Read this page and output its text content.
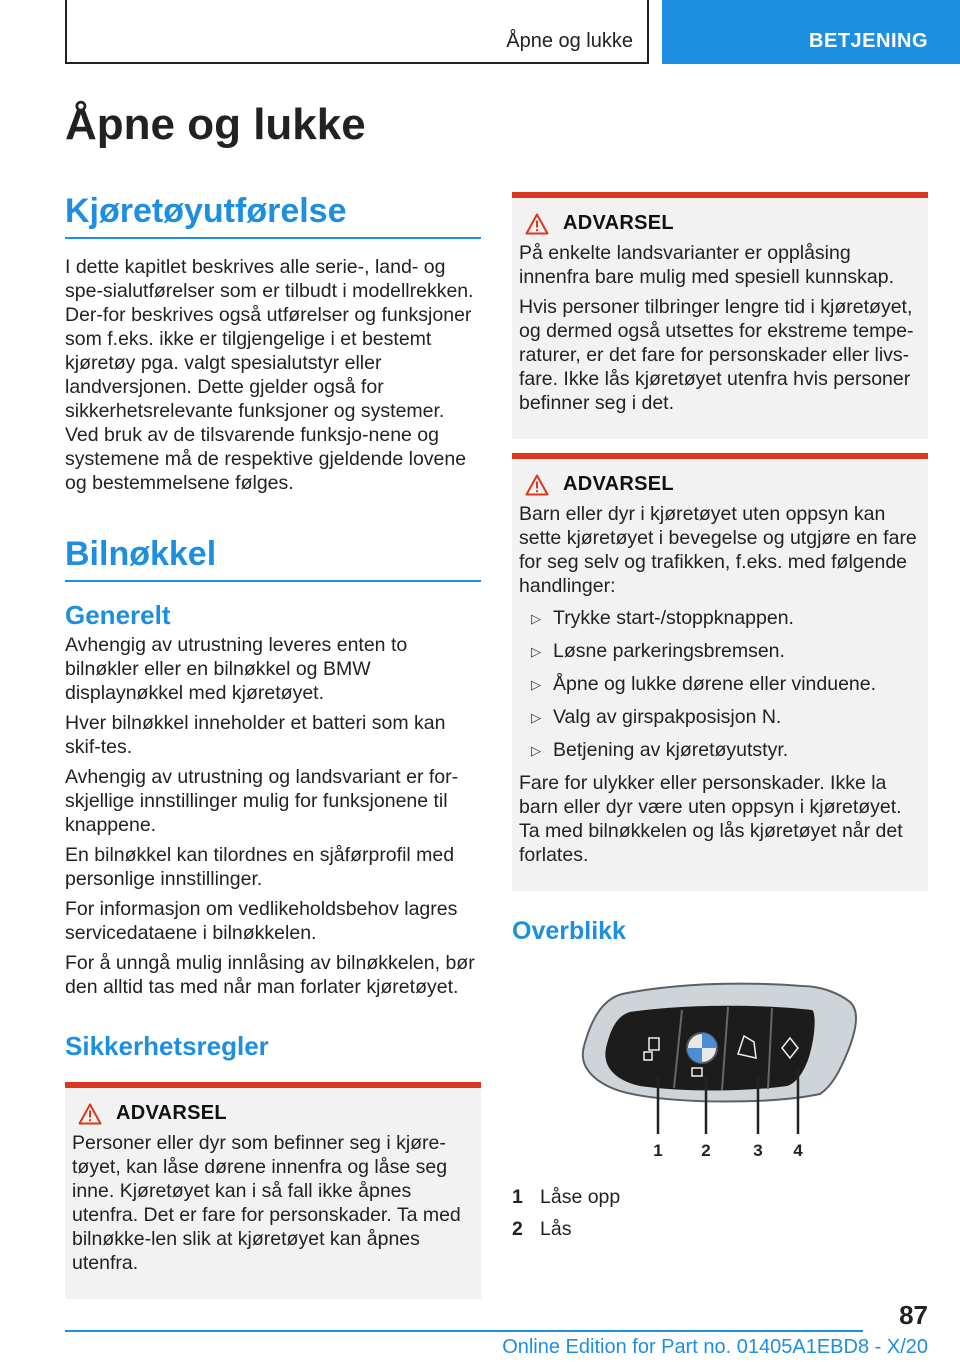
Åpne og lukke	BETJENING
Åpne og lukke
Kjøretøyutførelse

I dette kapitlet beskrives alle serie-, land- og spe-sialutførelser som er tilbudt i modellrekken. Der-for beskrives også utførelser og funksjoner som f.eks. ikke er tilgjengelige i et bestemt kjøretøy pga. valgt spesialutstyr eller landversjonen. Dette gjelder også for sikkerhetsrelevante funksjoner og systemer. Ved bruk av de tilsvarende funksjo-nene og systemene må de respektive gjeldende lovene og bestemmelsene følges.

Bilnøkkel
Generelt

Avhengig av utrustning leveres enten to bilnøkler eller en bilnøkkel og BMW displaynøkkel med kjøretøyet.

Hver bilnøkkel inneholder et batteri som kan skif-tes.

Avhengig av utrustning og landsvariant er for-skjellige innstillinger mulig for funksjonene til knappene.

En bilnøkkel kan tilordnes en sjåførprofil med personlige innstillinger.

For informasjon om vedlikeholdsbehov lagres servicedataene i bilnøkkelen.

For å unngå mulig innlåsing av bilnøkkelen, bør den alltid tas med når man forlater kjøretøyet.

Sikkerhetsregler
ADVARSEL

Personer eller dyr som befinner seg i kjøre-tøyet, kan låse dørene innenfra og låse seg inne. Kjøretøyet kan i så fall ikke åpnes utenfra. Det er fare for personskader. Ta med bilnøkke-len slik at kjøretøyet kan åpnes utenfra.

ADVARSEL

På enkelte landsvarianter er opplåsing innenfra bare mulig med spesiell kunnskap.

Hvis personer tilbringer lengre tid i kjøretøyet, og dermed også utsettes for ekstreme tempe-raturer, er det fare for personskader eller livs-fare. Ikke lås kjøretøyet utenfra hvis personer befinner seg i det.

ADVARSEL

Barn eller dyr i kjøretøyet uten oppsyn kan sette kjøretøyet i bevegelse og utgjøre en fare for seg selv og trafikken, f.eks. med følgende handlinger:

▷ Trykke start-/stoppknappen.
▷ Løsne parkeringsbremsen.
▷ Åpne og lukke dørene eller vinduene.
▷ Valg av girspakposisjon N.
▷ Betjening av kjøretøyutstyr.

Fare for ulykker eller personskader. Ikke la barn eller dyr være uten oppsyn i kjøretøyet. Ta med bilnøkkelen og lås kjøretøyet når det forlates.

Overblikk
1 2	3 4
1 Låse opp
2 Lås
87
Online Edition for Part no. 01405A1EBD8 - X/20
